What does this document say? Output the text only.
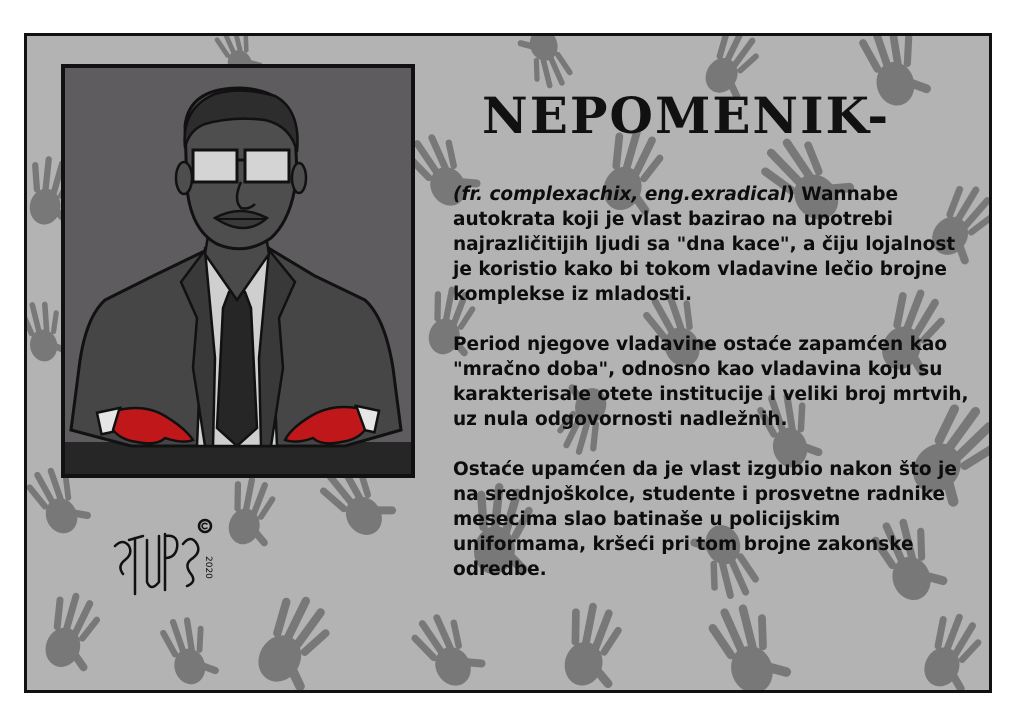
NEPOMENIK-

(fr. complexachix, eng.exradical) Wannabe autokrata koji je vlast bazirao na upotrebi najrazličitijih ljudi sa "dna kace", a čiju lojalnost je koristio kako bi tokom vladavine lečio brojne komplekse iz mladosti.

Period njegove vladavine ostaće zapamćen kao "mračno doba", odnosno kao vladavina koju su karakterisale otete institucije i veliki broj mrtvih, uz nula odgovornosti nadležnih.

Ostaće upamćen da je vlast izgubio nakon što je na srednjoškolce, studente i prosvetne radnike mesecima slao batinaše u policijskim uniformama, kršeći pri tom brojne zakonske odredbe.

2020
